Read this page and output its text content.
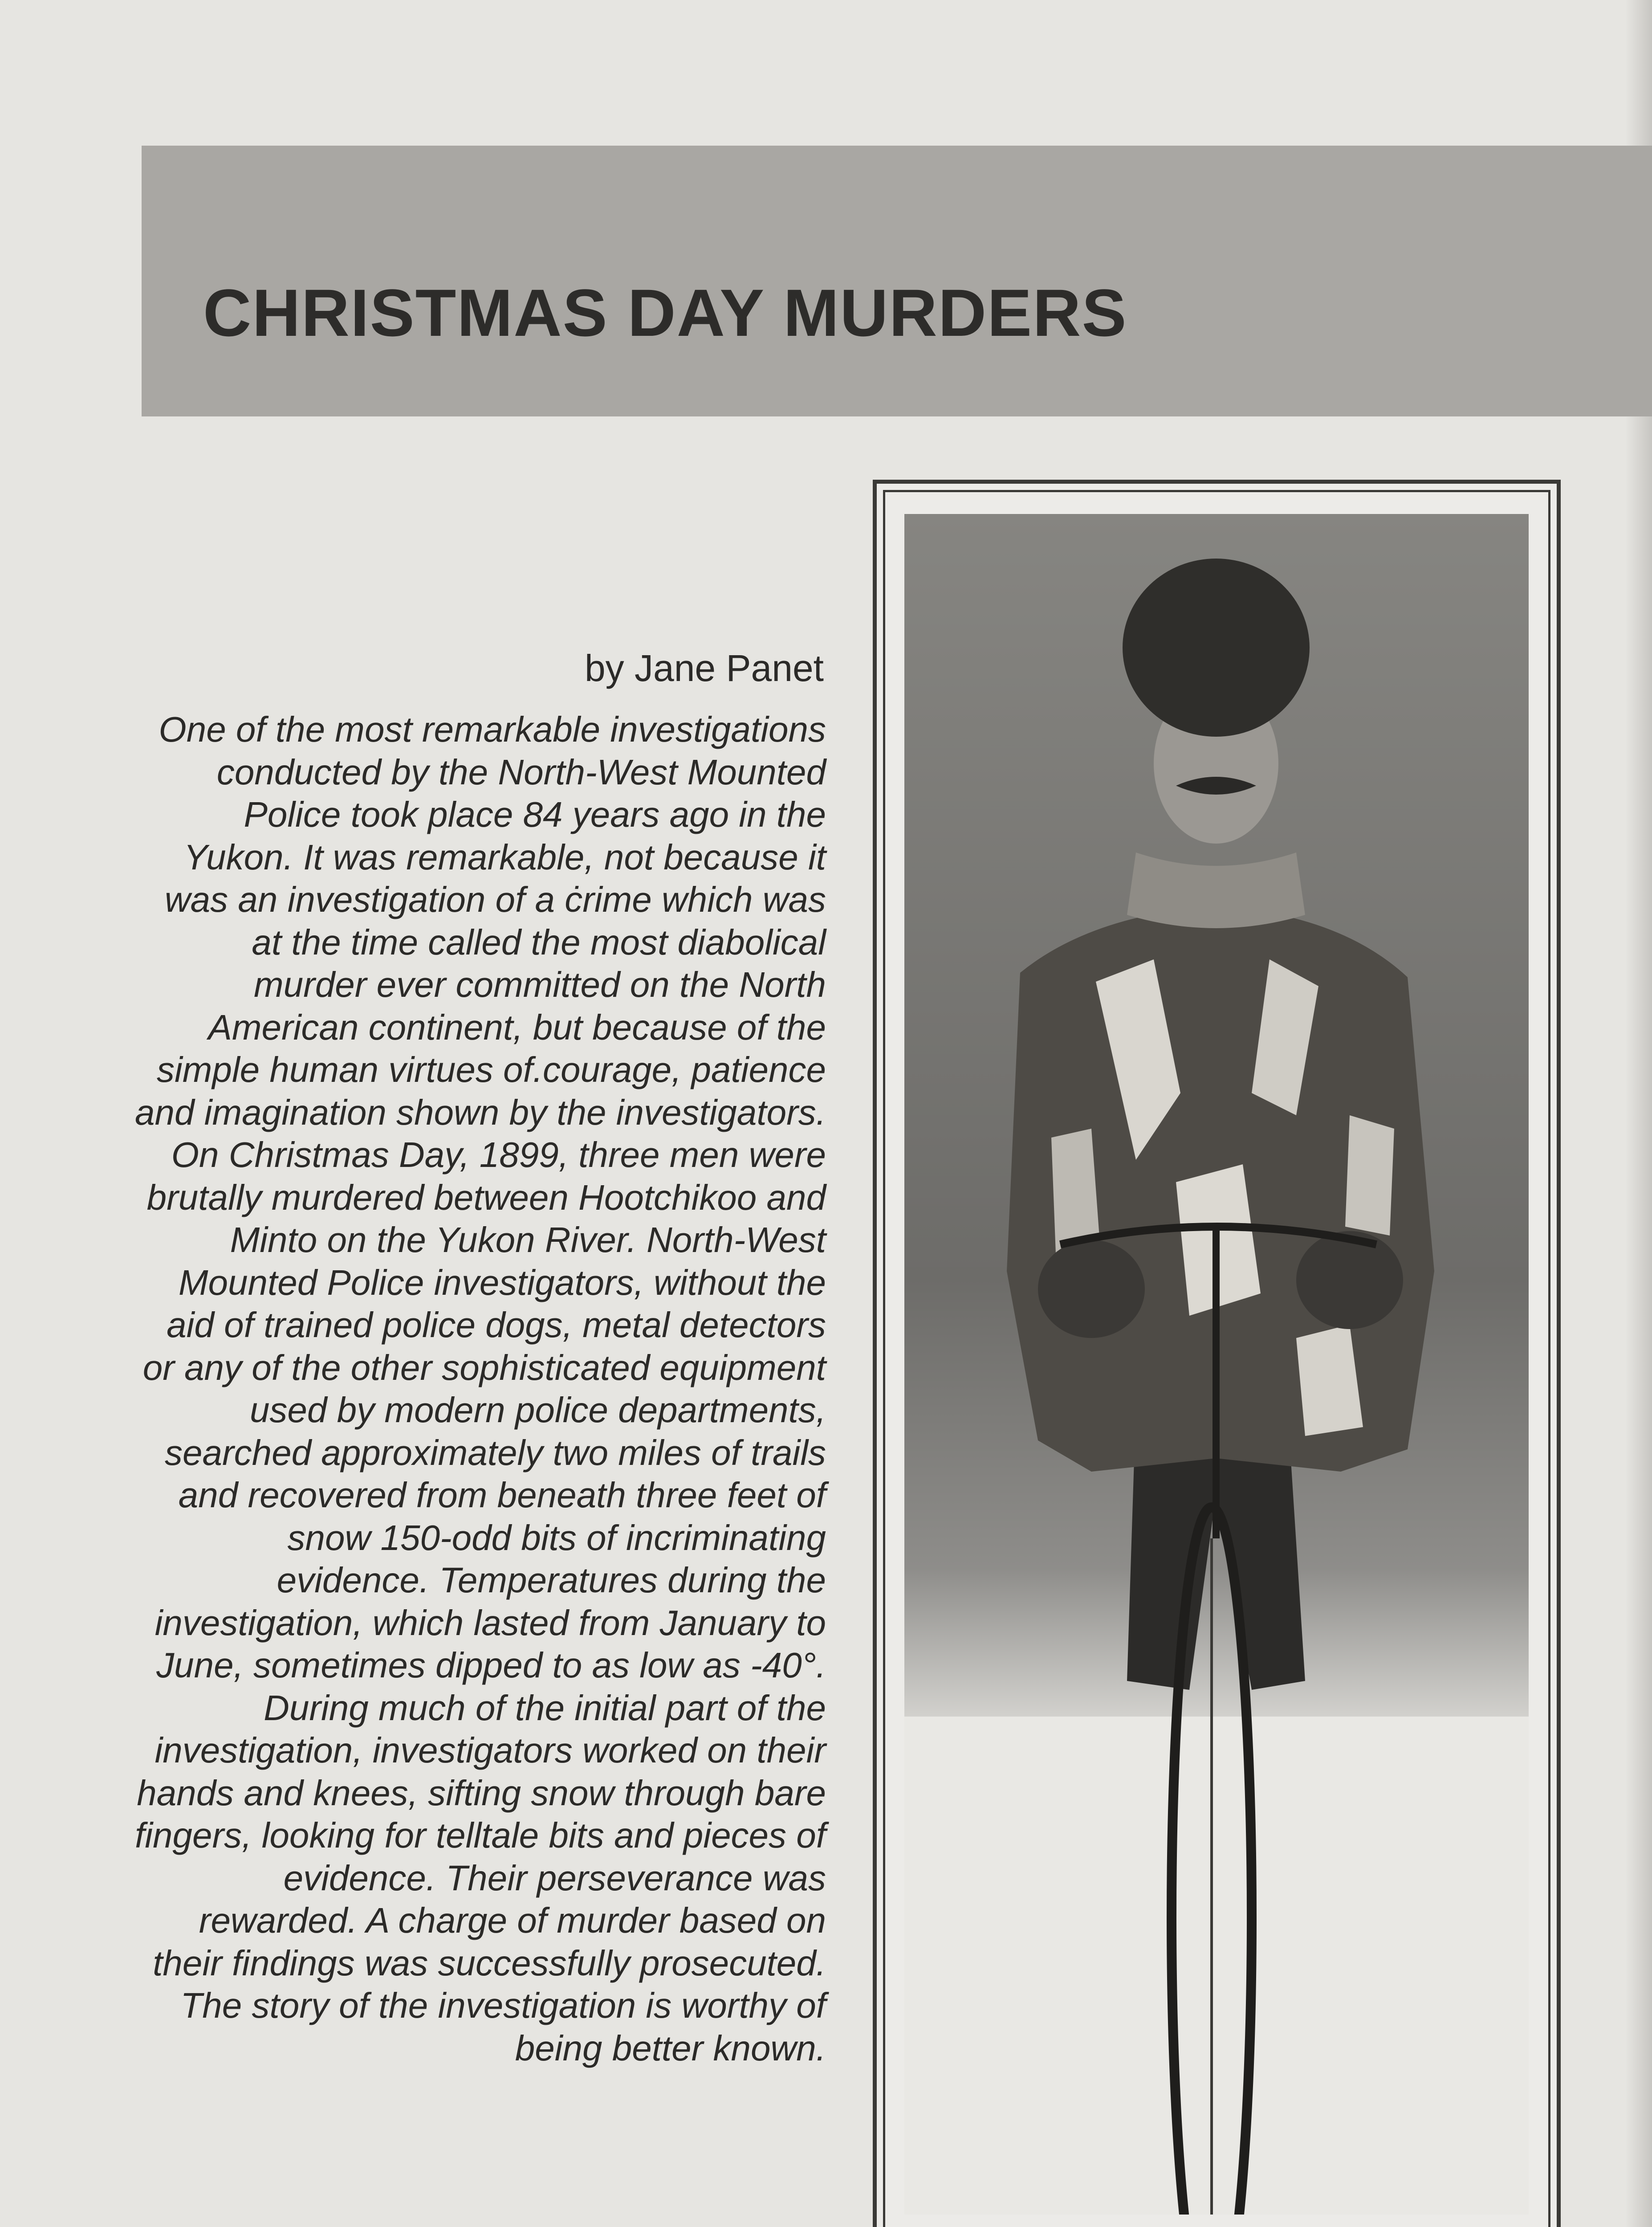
CHRISTMAS DAY MURDERS
by Jane Panet

One of the most remarkable investigations conducted by the North-West Mounted Police took place 84 years ago in the Yukon. It was remarkable, not because it was an investigation of a ċrime which was at the time called the most diabolical murder ever committed on the North American continent, but because of the simple human virtues of.courage, patience and imagination shown by the investigators. On Christmas Day, 1899, three men were brutally murdered between Hootchikoo and Minto on the Yukon River. North-West Mounted Police investigators, without the aid of trained police dogs, metal detectors or any of the other sophisticated equipment used by modern police departments, searched approximately two miles of trails and recovered from beneath three feet of snow 150-odd bits of incriminating evidence. Temperatures during the investigation, which lasted from January to June, sometimes dipped to as low as -40°. During much of the initial part of the investigation, investigators worked on their hands and knees, sifting snow through bare fingers, looking for telltale bits and pieces of evidence. Their perseverance was rewarded. A charge of murder based on their findings was successfully prosecuted. The story of the investigation is worthy of being better known.
